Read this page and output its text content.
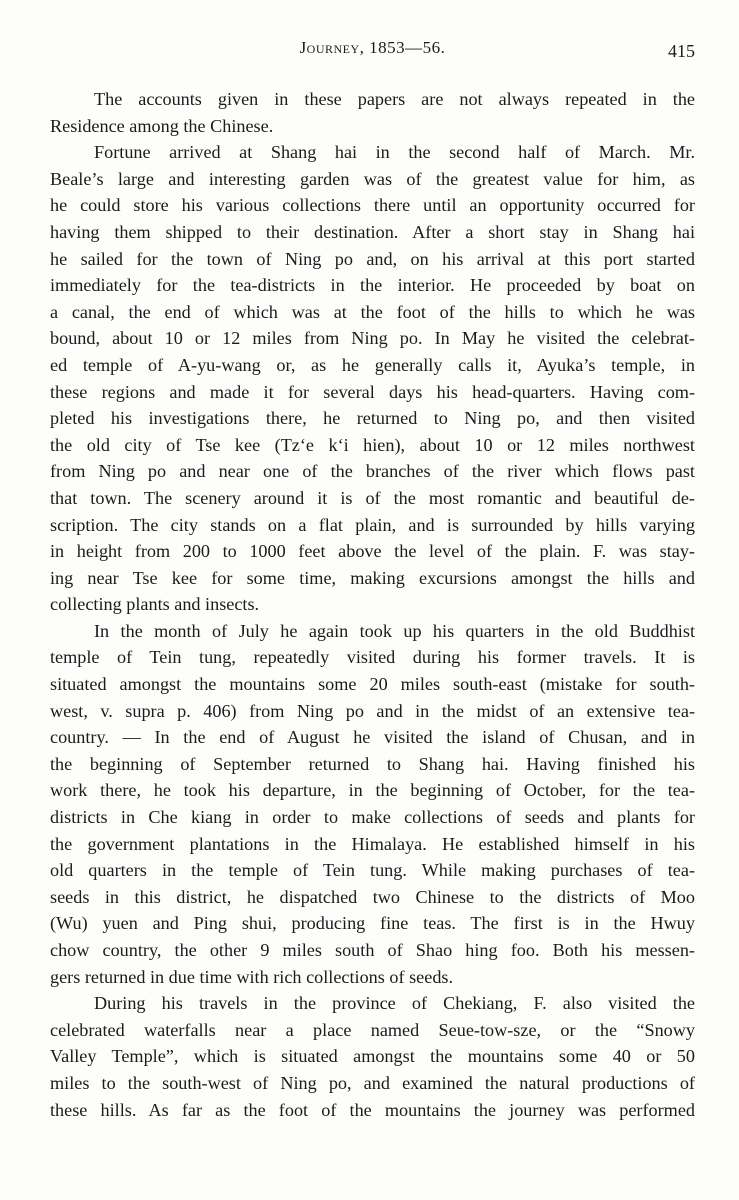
Journey, 1853—56.	415
The accounts given in these papers are not always repeated in the
Residence among the Chinese.
Fortune arrived at Shang hai in the second half of March. Mr.
Beale’s large and interesting garden was of the greatest value for him, as
he could store his various collections there until an opportunity occurred for
having them shipped to their destination. After a short stay in Shang hai
he sailed for the town of Ning po and, on his arrival at this port started
immediately for the tea-districts in the interior. He proceeded by boat on
a canal, the end of which was at the foot of the hills to which he was
bound, about 10 or 12 miles from Ning po. In May he visited the celebrat-
ed temple of A-yu-wang or, as he generally calls it, Ayuka’s temple, in
these regions and made it for several days his head-quarters. Having com-
pleted his investigations there, he returned to Ning po, and then visited
the old city of Tse kee (Tz‘e k‘i hien), about 10 or 12 miles northwest
from Ning po and near one of the branches of the river which flows past
that town. The scenery around it is of the most romantic and beautiful de-
scription. The city stands on a flat plain, and is surrounded by hills varying
in height from 200 to 1000 feet above the level of the plain. F. was stay-
ing near Tse kee for some time, making excursions amongst the hills and
collecting plants and insects.
In the month of July he again took up his quarters in the old Buddhist
temple of Tein tung, repeatedly visited during his former travels. It is
situated amongst the mountains some 20 miles south-east (mistake for south-
west, v. supra p. 406) from Ning po and in the midst of an extensive tea-
country. — In the end of August he visited the island of Chusan, and in
the beginning of September returned to Shang hai. Having finished his
work there, he took his departure, in the beginning of October, for the tea-
districts in Che kiang in order to make collections of seeds and plants for
the government plantations in the Himalaya. He established himself in his
old quarters in the temple of Tein tung. While making purchases of tea-
seeds in this district, he dispatched two Chinese to the districts of Moo
(Wu) yuen and Ping shui, producing fine teas. The first is in the Hwuy
chow country, the other 9 miles south of Shao hing foo. Both his messen-
gers returned in due time with rich collections of seeds.
During his travels in the province of Chekiang, F. also visited the
celebrated waterfalls near a place named Seue-tow-sze, or the “Snowy
Valley Temple”, which is situated amongst the mountains some 40 or 50
miles to the south-west of Ning po, and examined the natural productions of
these hills. As far as the foot of the mountains the journey was performed
